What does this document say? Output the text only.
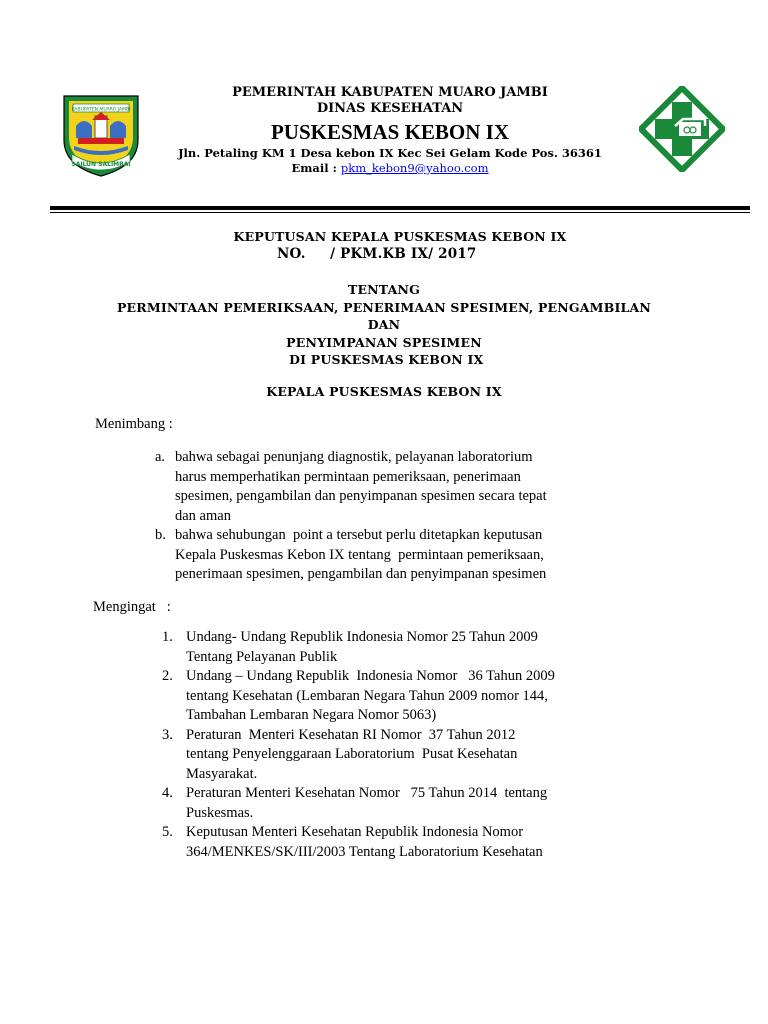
KABUPATEN MUARO JAMBI
SAILUN SALIMBAI
PEMERINTAH KABUPATEN MUARO JAMBI
DINAS KESEHATAN
PUSKESMAS KEBON IX
Jln. Petaling KM 1 Desa kebon IX Kec Sei Gelam Kode Pos. 36361
Email : pkm_kebon9@yahoo.com
KEPUTUSAN KEPALA PUSKESMAS KEBON IX
NO.     / PKM.KB IX/ 2017
TENTANG
PERMINTAAN PEMERIKSAAN, PENERIMAAN SPESIMEN, PENGAMBILAN
DAN
PENYIMPANAN SPESIMEN
DI PUSKESMAS KEBON IX
KEPALA PUSKESMAS KEBON IX
Menimbang :
a. bahwa sebagai penunjang diagnostik, pelayanan laboratorium
harus memperhatikan permintaan pemeriksaan, penerimaan
spesimen, pengambilan dan penyimpanan spesimen secara tepat
dan aman
b. bahwa sehubungan  point a tersebut perlu ditetapkan keputusan
Kepala Puskesmas Kebon IX tentang  permintaan pemeriksaan,
penerimaan spesimen, pengambilan dan penyimpanan spesimen
Mengingat   :
1. Undang- Undang Republik Indonesia Nomor 25 Tahun 2009
Tentang Pelayanan Publik
2. Undang – Undang Republik  Indonesia Nomor   36 Tahun 2009
tentang Kesehatan (Lembaran Negara Tahun 2009 nomor 144,
Tambahan Lembaran Negara Nomor 5063)
3. Peraturan  Menteri Kesehatan RI Nomor  37 Tahun 2012
tentang Penyelenggaraan Laboratorium  Pusat Kesehatan
Masyarakat.
4. Peraturan Menteri Kesehatan Nomor   75 Tahun 2014  tentang
Puskesmas.
5. Keputusan Menteri Kesehatan Republik Indonesia Nomor
364/MENKES/SK/III/2003 Tentang Laboratorium Kesehatan
